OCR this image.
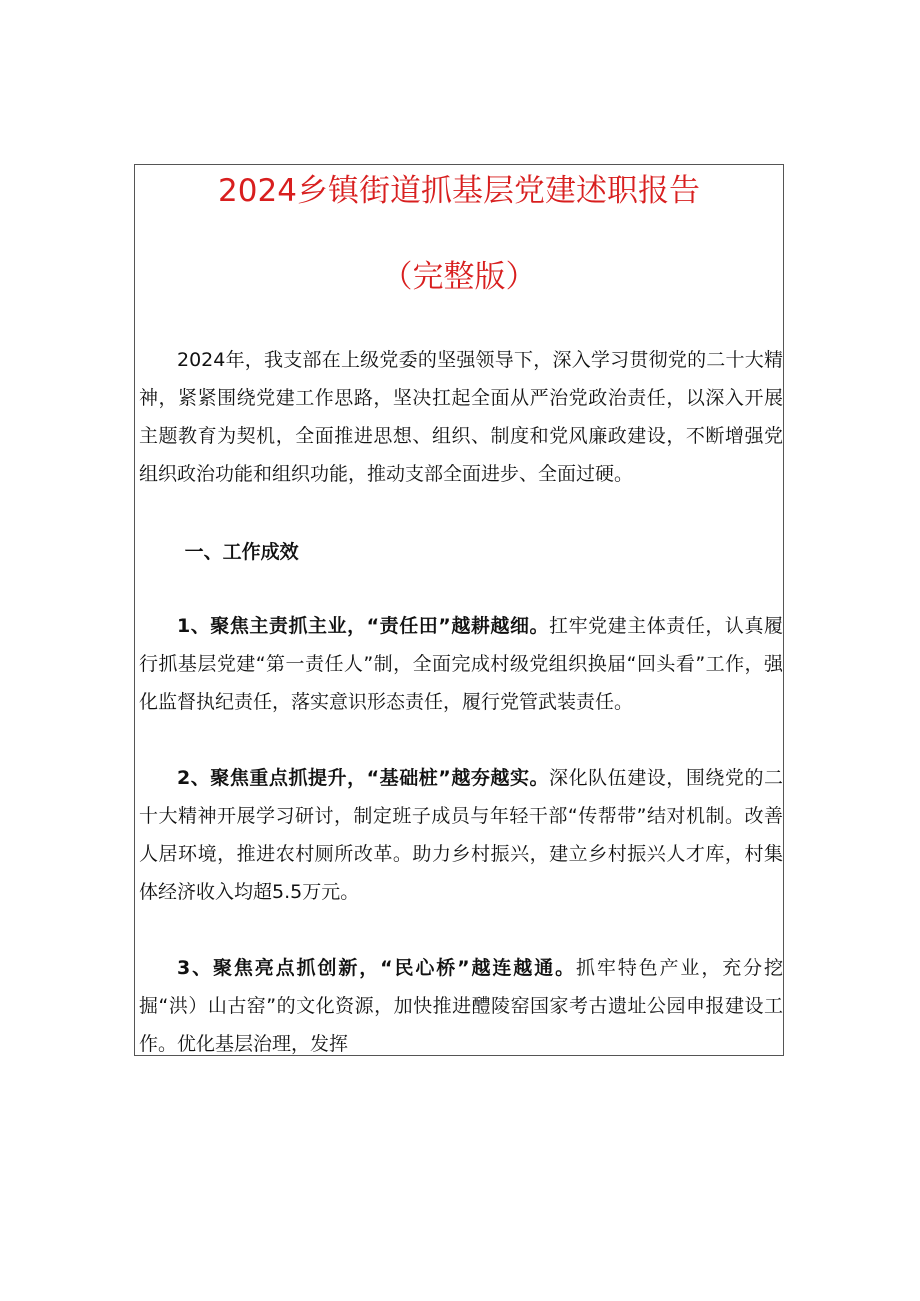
2024乡镇街道抓基层党建述职报告
（完整版）

2024年，我支部在上级党委的坚强领导下，深入学习贯彻党的二十大精神，紧紧围绕党建工作思路，坚决扛起全面从严治党政治责任，以深入开展主题教育为契机，全面推进思想、组织、制度和党风廉政建设，不断增强党组织政治功能和组织功能，推动支部全面进步、全面过硬。

一、工作成效

1、聚焦主责抓主业，“责任田”越耕越细。扛牢党建主体责任，认真履行抓基层党建“第一责任人”制，全面完成村级党组织换届“回头看”工作，强化监督执纪责任，落实意识形态责任，履行党管武装责任。

2、聚焦重点抓提升，“基础桩”越夯越实。深化队伍建设，围绕党的二十大精神开展学习研讨，制定班子成员与年轻干部“传帮带”结对机制。改善人居环境，推进农村厕所改革。助力乡村振兴，建立乡村振兴人才库，村集体经济收入均超5.5万元。

3、聚焦亮点抓创新，“民心桥”越连越通。抓牢特色产业，充分挖掘“洪）山古窑”的文化资源，加快推进醴陵窑国家考古遗址公园申报建设工作。优化基层治理，发挥
